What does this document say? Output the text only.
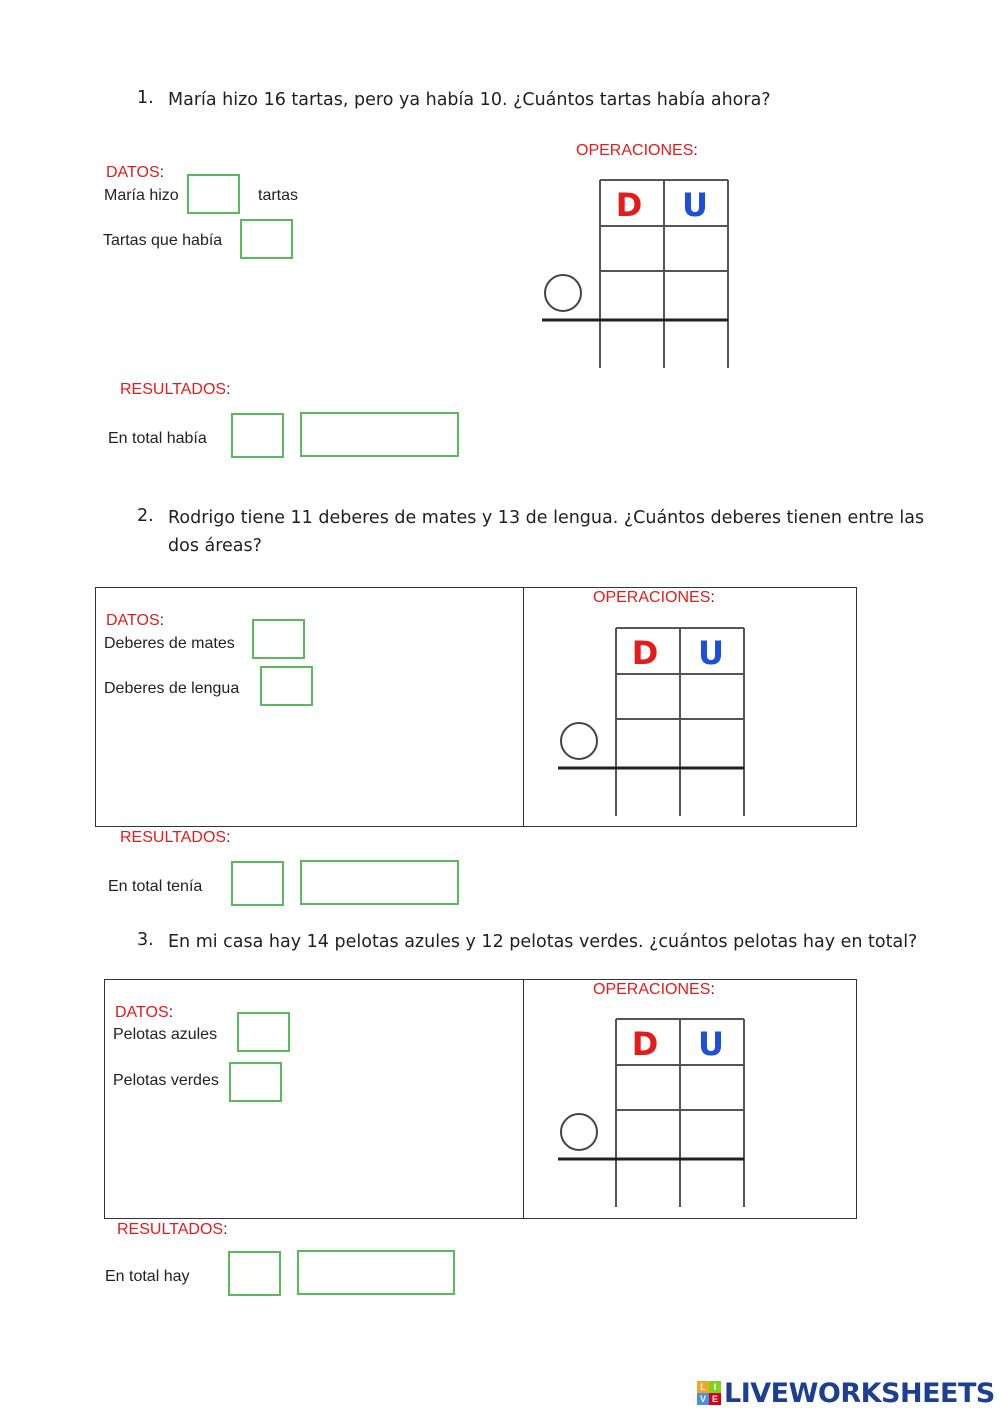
1. María hizo 16 tartas, pero ya había 10. ¿Cuántos tartas había ahora?
DATOS:
María hizo	tartas
Tartas que había
OPERACIONES:
D U
RESULTADOS:
En total había
2. Rodrigo tiene 11 deberes de mates y 13 de lengua. ¿Cuántos deberes tienen entre las
dos áreas?
DATOS:
Deberes de mates
Deberes de lengua
OPERACIONES:
D U
RESULTADOS:
En total tenía
3. En mi casa hay 14 pelotas azules y 12 pelotas verdes. ¿cuántos pelotas hay en total?
DATOS:
Pelotas azules
Pelotas verdes
OPERACIONES:
D U
RESULTADOS:
En total hay
L I
V E LIVEWORKSHEETS
